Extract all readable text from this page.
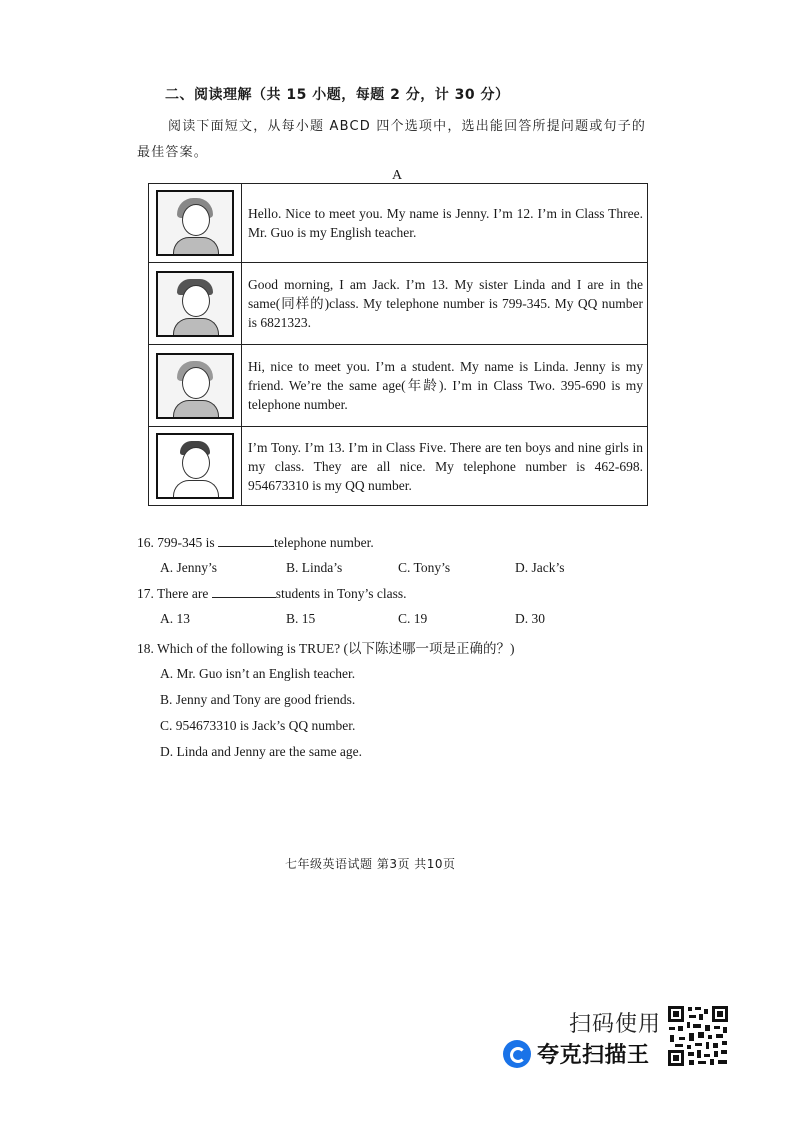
二、阅读理解（共 15 小题，每题 2 分，计 30 分）
阅读下面短文，从每小题 ABCD 四个选项中，选出能回答所提问题或句子的
最佳答案。
A
	Hello. Nice to meet you. My name is Jenny. I’m 12. I’m in Class Three. Mr. Guo is my English teacher.

	Good morning, I am Jack. I’m 13. My sister Linda and I are in the same(同样的)class. My telephone number is 799-345. My QQ number is 6821323.

	Hi, nice to meet you. I’m a student. My name is Linda. Jenny is my friend. We’re the same age(年龄). I’m in Class Two. 395-690 is my telephone number.

	I’m Tony. I’m 13. I’m in Class Five. There are ten boys and nine girls in my class. They are all nice. My telephone number is 462-698. 954673310 is my QQ number.
16. 799-345 is	telephone number.
A. Jenny’s	B. Linda’s	C. Tony’s	D. Jack’s
17. There are	students in Tony’s class.
A. 13	B. 15	C. 19	D. 30
18. Which of the following is TRUE? (以下陈述哪一项是正确的？)
A. Mr. Guo isn’t an English teacher.
B. Jenny and Tony are good friends.
C. 954673310 is Jack’s QQ number.
D. Linda and Jenny are the same age.
七年级英语试题 第3页 共10页
扫码使用
夸克扫描王
